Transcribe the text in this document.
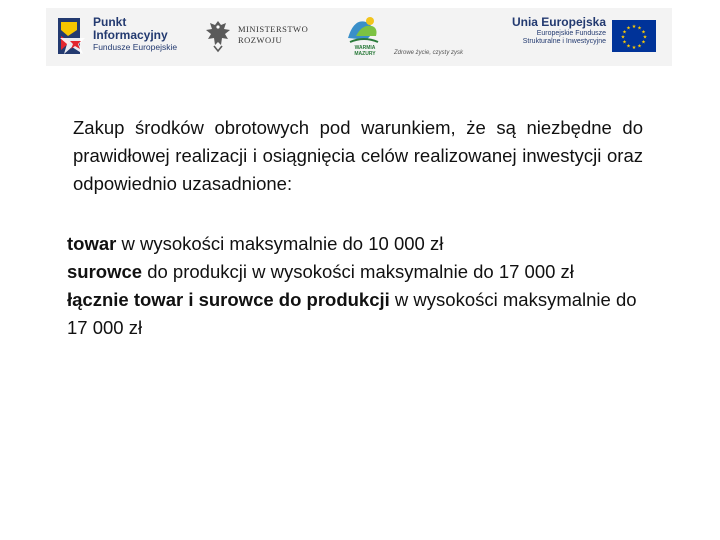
Punkt
Informacyjny
Fundusze Europejskie
MINISTERSTWO
ROZWOJU
WARMIA
MAZURY	Zdrowe życie, czysty zysk
Unia Europejska
Europejskie Fundusze
Strukturalne i Inwestycyjne
★ ★
★
★
★
★
★
★
★
★
★
★

Zakup środków obrotowych pod warunkiem, że są niezbędne do prawidłowej realizacji i osiągnięcia celów realizowanej inwestycji oraz odpowiednio uzasadnione:

towar w wysokości maksymalnie do 10 000 zł
surowce do produkcji w wysokości maksymalnie do 17 000 zł
łącznie towar i surowce do produkcji w wysokości maksymalnie do 17 000 zł
